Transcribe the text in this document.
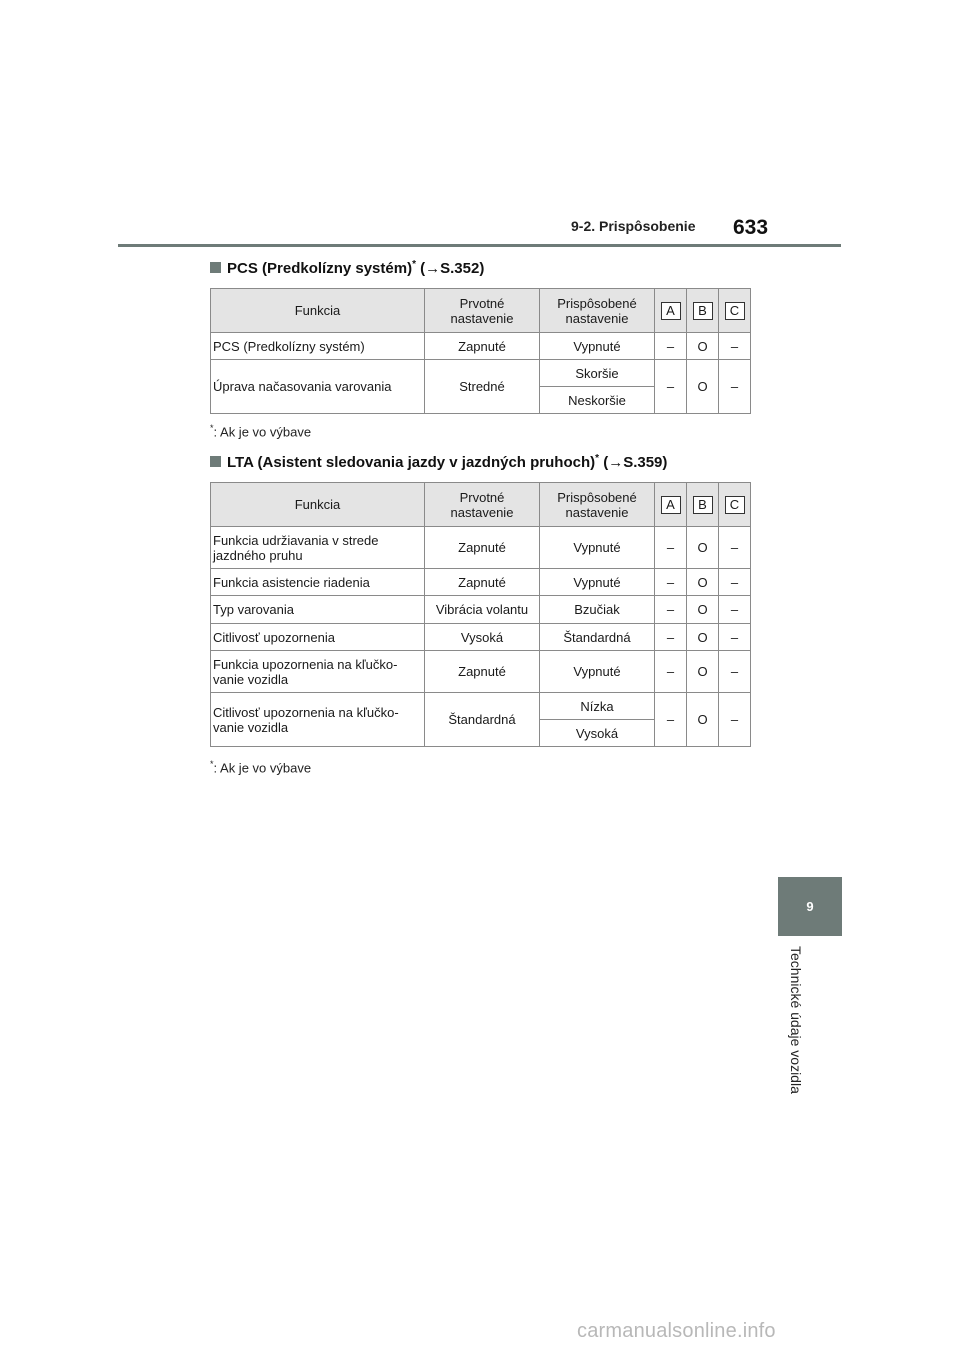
9-2. Prispôsobenie 633
9
Technické údaje vozidla
PCS (Predkolízny systém)* (→S.352)
Funkcia	Prvotné nastavenie	Prispôsobené nastavenie	A	B	C
PCS (Predkolízny systém)	Zapnuté	Vypnuté	–	O	–
Úprava načasovania varovania	Stredné	Skoršie	–	O	–
		Neskoršie			
*: Ak je vo výbave
LTA (Asistent sledovania jazdy v jazdných pruhoch)* (→S.359)
Funkcia	Prvotné nastavenie	Prispôsobené nastavenie	A	B	C
Funkcia udržiavania v strede jazdného pruhu	Zapnuté	Vypnuté	–	O	–
Funkcia asistencie riadenia	Zapnuté	Vypnuté	–	O	–
Typ varovania	Vibrácia volantu	Bzučiak	–	O	–
Citlivosť upozornenia	Vysoká	Štandardná	–	O	–
Funkcia upozornenia na kľučko-vanie vozidla	Zapnuté	Vypnuté	–	O	–
Citlivosť upozornenia na kľučko-vanie vozidla	Štandardná	Nízka	–	O	–
		Vysoká			
*: Ak je vo výbave
carmanualsonline.info
